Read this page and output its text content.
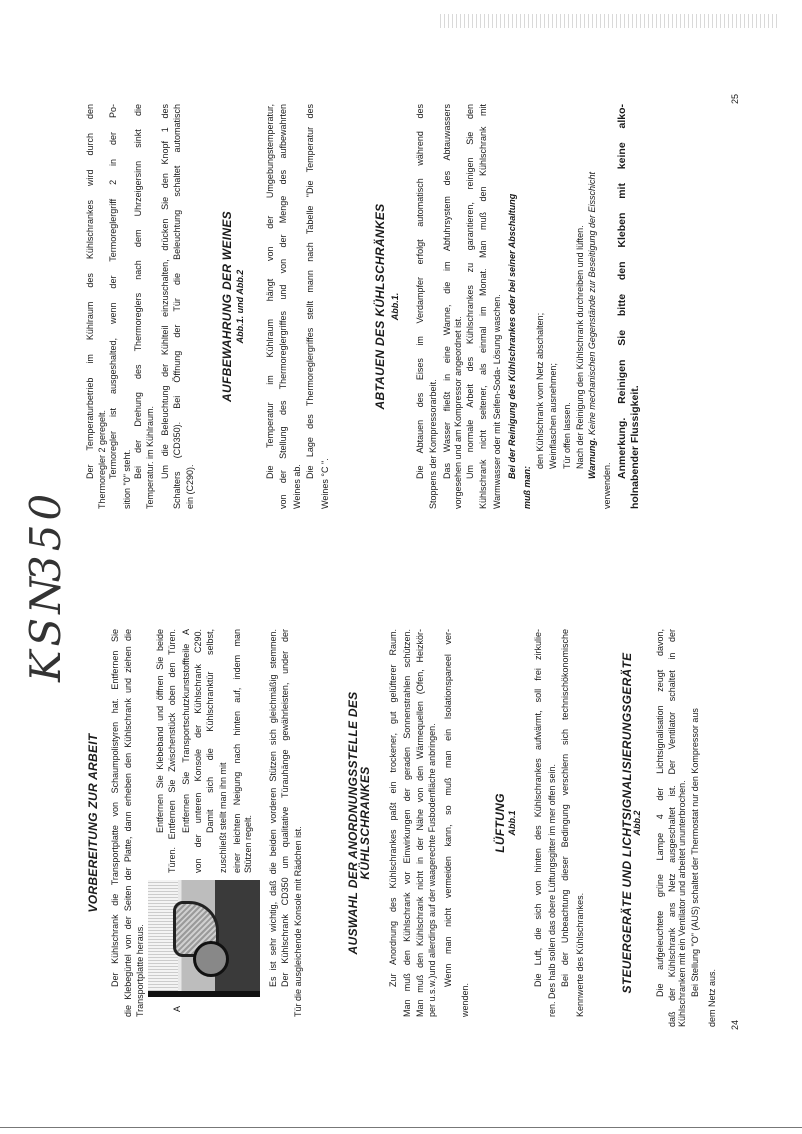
KSN
350
VORBEREITUNG ZUR ARBEIT Der Kühlschrank die Transportplatte von Schaumpolistyren hat. Entfernen Sie die Klebegürtel von der Seiten der Platte, dann erheben den Kühlschrank und ziehen die Transportplatte heraus.	A
Entfernen Sie Klebeband und öffnen Sie beide Türen. Entfernen Sie Zwischenstück oben den Türen. Entfernen Sie Transportschutzkunststoffteile A von der unteren Konsole der Kühlschrank C290. Damit sich die Kühlschranktür selbst, zuschließt stellt man ihn mit einer leichten Neigung nach hinten auf, indem man Stützen regelt. Es ist sehr wichtig, daß die beiden vorderen Stützen sich gleichmäßig stemmen. Der Kühlschrank CD350 um qualitative Türauhänge gewährleisten, under der Tür die ausgleichende Konsole mit Rädchen ist.	AUSWAHL DER ANORDNUNGSSTELLE DES
KÜHLSCHRANKES Zur Anordnung des Kühlschrankes paßt ein trockener, gut gelüfterer Raum. Man muß den Kühlschrank vor Einwirkungen der geraden Sonnenstrahlen schützen. Man muß den Kühlschrank nicht in der Nähe von den Wärmequellen (Ofen, Heizkör- per u.s.w.)und allerdings auf der waagerechte Fusbodenfläche anbringen. Wenn man nicht vermeiden kann, so muß man ein Isolationspaneel ver-
wenden.
LÜFTUNG Abb.1 Die Luft, die sich von hinten des Kühlschrankes aufwärmt, soll frei zirkulie- ren. Des halb sollen das obere Lüftungsgitter im mer offen sein. Bei der Unbeachtung dieser Bedingung verschlern sich technischökonomische Kennwerte des Kühlschrankes.	STEUERGERÄTE UND LICHTSIGNALISIERUNGSGERÄTE
Abb.2 Die aufgeleuchtete grüne Lampe 4 der Lichtsignalisation zeugt davon, daß der Kühlschrank ans Netz ausgeschaltet ist. Der Ventilator schaltet in der Kühlschranken mit ein Ventilator und arbeitet ununterbrochen. Bei Stellung "O" (AUS) schaltet der Thermostat nur den Kompressor aus
dem Netz aus. 24
Der Temperaturbetrieb im Kühlraum des Kühlschrankes wird durch den Thermoregler 2 geregelt. Termoregler ist ausgeshalted, wenn der Termoreglergriff 2 in der Po-
sition "0" steht.
Bei der Drehung des Thermoreglers nach dem Uhrzeigersinn sinkt die Temperatur. im Kühlraum. Um die Beleuchtung der Kühlteil einzuschalten, drücken Sie den Knopf 1 des Schalters (CD350). Bei Öffnung der Tür die Beleuchtung schaltet automatisch ein (C290).
AUFBEWAHRUNG DER WEINES Abb.1. und Abb.2 Die Temperatur im Kühlraum hängt von der Umgebungstemperatur, von der Stellung des Thermoreglergriffes und von der Menge des aufbewahrten Weines ab.
Die Lage des Thermoreglergriffes stellt mann nach Tabelle "Die Temperatur des
Weines °C ".
ABTAUEN DES KÜHLSCHRÄNKES Abb.1. Die Abtauen des Eises im Verdampfer erfolgt automatisch während des Stoppens der Kompressorarbeit. Das Wasser fließt in eine Wanne, die im Abfuhrsystem des Abtauwassers vorgesehen und am Kompressor angeordnet ist. Um normale Arbeit des Kühlschrankes zu garantieren, reinigen Sie den Kühlschrank nicht seltener, als einmal im Monat. Man muß den Kühlschrank mit Warmwasser oder mit Seifen-Soda- Lösung waschen. Bei der Reinigung des Kühlschrankes oder bei seiner Abschaltung
muß man:
den Kühlschrank vom Netz abschalten; Weinflaschen ausnehmen; Tür offen lassen. Nach der Reinigung den Kühlschrank durchreiben und lüften. Warnung. Keine mechanischen Gegenstände zur Beseitigung der Eisschicht
verwenden.
Anmerkung. Reinigen Sie bitte den Kleben mit keine alko- holnabender Flussigkeit.
25
